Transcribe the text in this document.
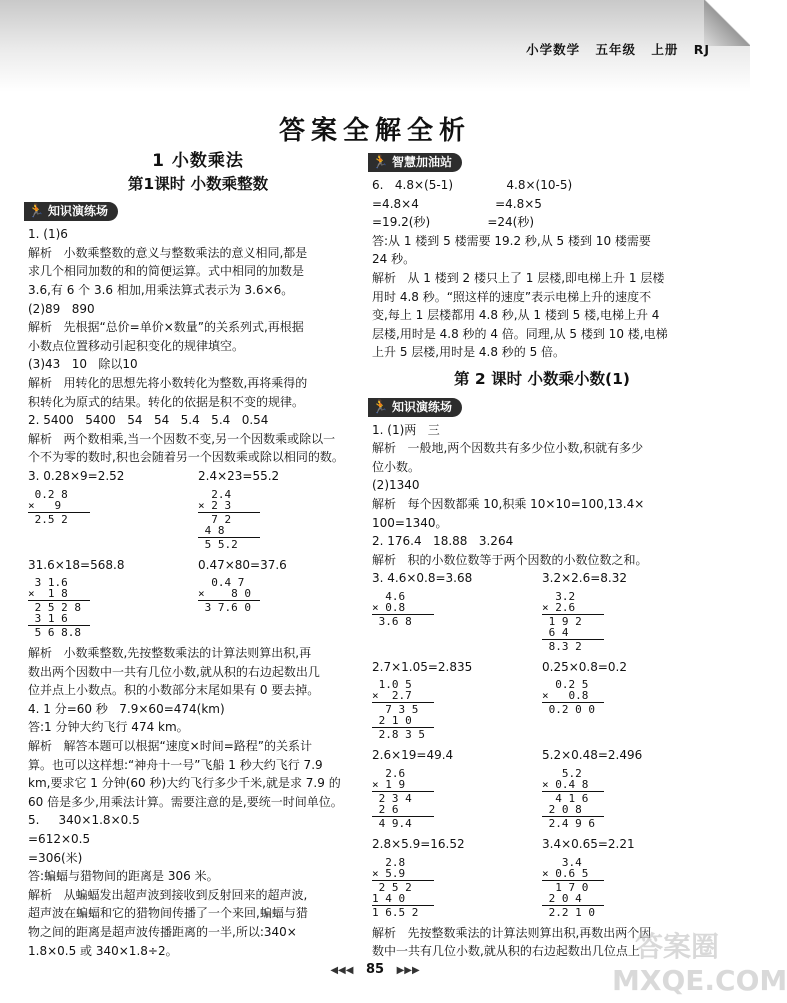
小学数学 五年级 上册 RJ
答案全解全析
1 小数乘法
第1课时 小数乘整数
🏃 知识演练场
1. (1)6
解析   小数乘整数的意义与整数乘法的意义相同,都是
求几个相同加数的和的简便运算。式中相同的加数是
3.6,有 6 个 3.6 相加,用乘法算式表示为 3.6×6。
(2)89   890
解析   先根据“总价=单价×数量”的关系列式,再根据
小数点位置移动引起积变化的规律填空。
(3)43   10   除以10
解析   用转化的思想先将小数转化为整数,再将乘得的
积转化为原式的结果。转化的依据是积不变的规律。
2. 5400   5400   54   54   5.4   5.4   0.54
解析   两个数相乘,当一个因数不变,另一个因数乘或除以一
个不为零的数时,积也会随着另一个因数乘或除以相同的数。
3. 0.28×9=2.52
0.2 8
×   9
2.5 2
2.4×23=55.2
2.4
× 2 3
7 2
4 8
5 5.2
31.6×18=568.8
3 1.6
×  1 8
2 5 2 8
3 1 6
5 6 8.8
0.47×80=37.6
0.4 7
×    8 0
3 7.6 0
解析   小数乘整数,先按整数乘法的计算法则算出积,再
数出两个因数中一共有几位小数,就从积的右边起数出几
位并点上小数点。积的小数部分末尾如果有 0 要去掉。
4. 1 分=60 秒   7.9×60=474(km)
答:1 分钟大约飞行 474 km。
解析   解答本题可以根据“速度×时间=路程”的关系计
算。也可以这样想:“神舟十一号”飞船 1 秒大约飞行 7.9
km,要求它 1 分钟(60 秒)大约飞行多少千米,就是求 7.9 的
60 倍是多少,用乘法计算。需要注意的是,要统一时间单位。
5.     340×1.8×0.5
=612×0.5
=306(米)
答:蝙蝠与猎物间的距离是 306 米。
解析   从蝙蝠发出超声波到接收到反射回来的超声波,
超声波在蝙蝠和它的猎物间传播了一个来回,蝙蝠与猎
物之间的距离是超声波传播距离的一半,所以:340×
1.8×0.5 或 340×1.8÷2。
🏃 智慧加油站
6.   4.8×(5-1)              4.8×(10-5)
=4.8×4                    =4.8×5
=19.2(秒)               =24(秒)
答:从 1 楼到 5 楼需要 19.2 秒,从 5 楼到 10 楼需要
24 秒。
解析   从 1 楼到 2 楼只上了 1 层楼,即电梯上升 1 层楼
用时 4.8 秒。“照这样的速度”表示电梯上升的速度不
变,每上 1 层楼都用 4.8 秒,从 1 楼到 5 楼,电梯上升 4
层楼,用时是 4.8 秒的 4 倍。同理,从 5 楼到 10 楼,电梯
上升 5 层楼,用时是 4.8 秒的 5 倍。
第 2 课时 小数乘小数(1)
🏃 知识演练场
1. (1)两   三
解析   一般地,两个因数共有多少位小数,积就有多少
位小数。
(2)1340
解析   每个因数都乘 10,积乘 10×10=100,13.4×
100=1340。
2. 176.4   18.88   3.264
解析   积的小数位数等于两个因数的小数位数之和。
3. 4.6×0.8=3.68
4.6
× 0.8
3.6 8
3.2×2.6=8.32
3.2
× 2.6
1 9 2
6 4
8.3 2
2.7×1.05=2.835
1.0 5
×  2.7
7 3 5
2 1 0
2.8 3 5
0.25×0.8=0.2
0.2 5
×   0.8
0.2 0 0
2.6×19=49.4
2.6
× 1 9
2 3 4
2 6
4 9.4
5.2×0.48=2.496
5.2
× 0.4 8
4 1 6
2 0 8
2.4 9 6
2.8×5.9=16.52
2.8
× 5.9
2 5 2
1 4 0
1 6.5 2
3.4×0.65=2.21
3.4
× 0.6 5
1 7 0
2 0 4
2.2 1 0
解析   先按整数乘法的计算法则算出积,再数出两个因
数中一共有几位小数,就从积的右边起数出几位点上
◀◀◀ 85 ▶▶▶
答案圈
MXQE.COM
